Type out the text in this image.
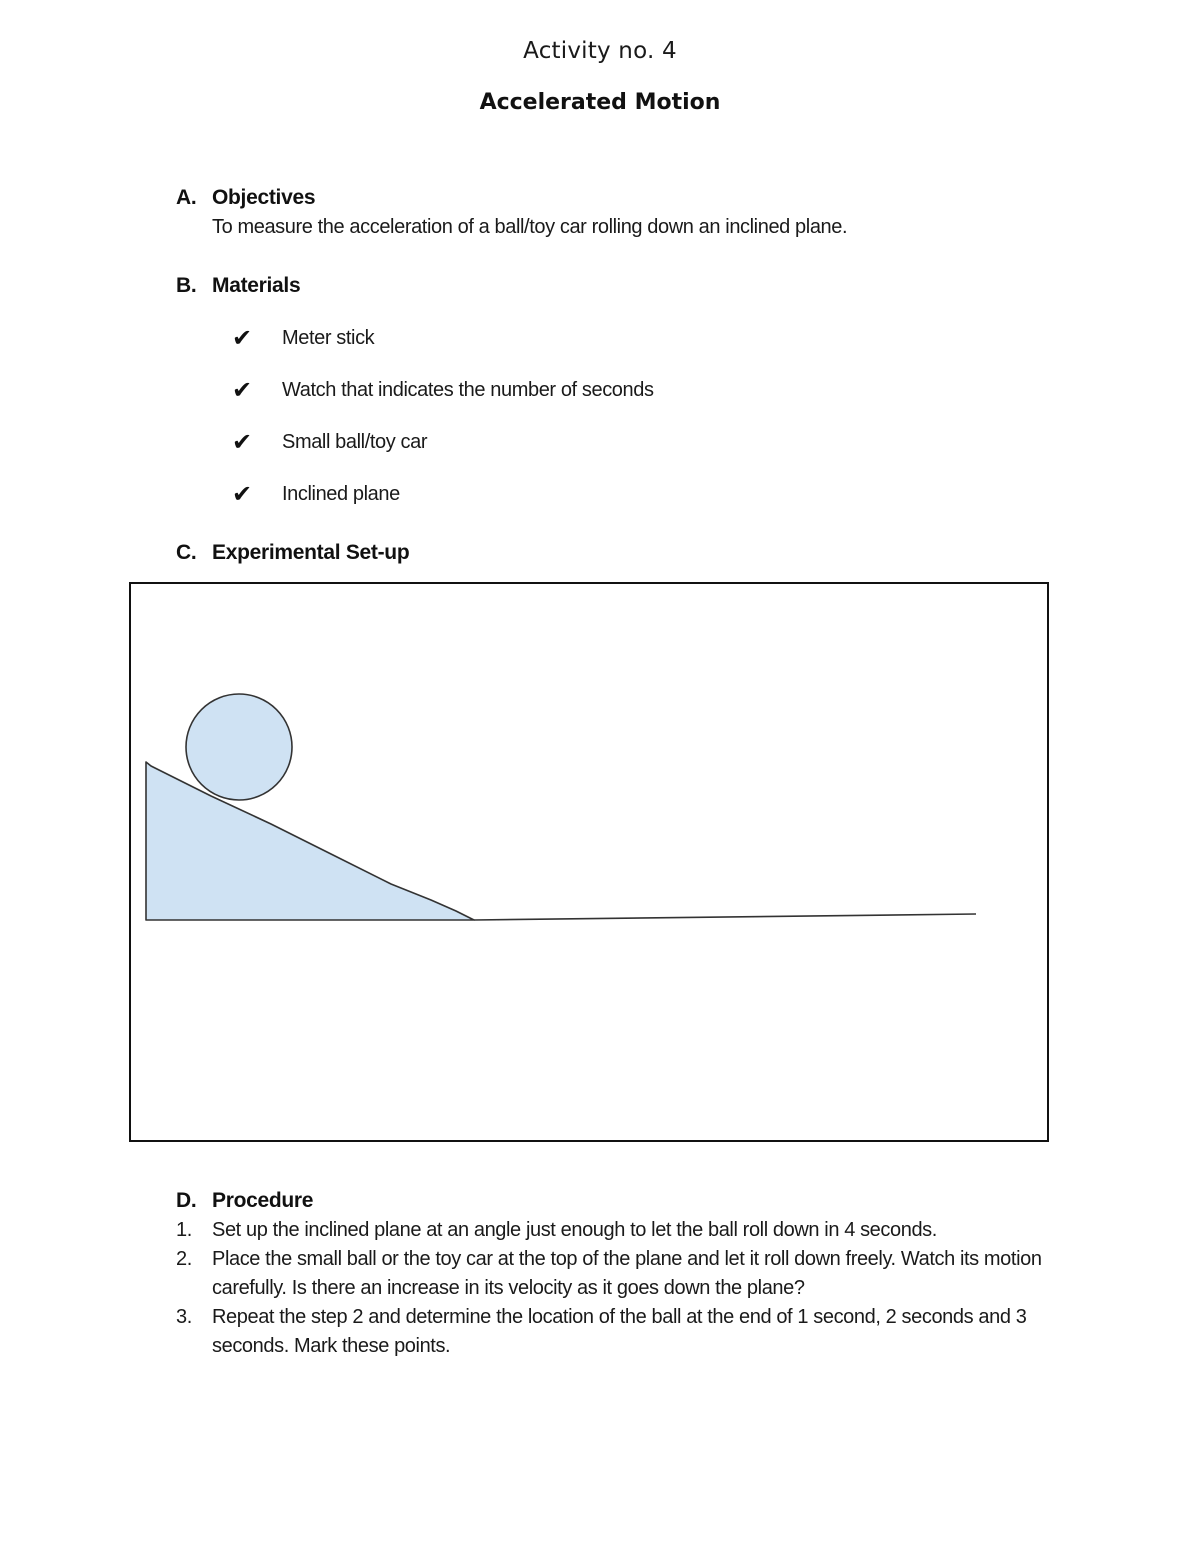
Activity no. 4
Accelerated Motion
A. Objectives
To measure the acceleration of a ball/toy car rolling down an inclined plane.
B. Materials
✔	Meter stick
✔	Watch that indicates the number of seconds
✔	Small ball/toy car
✔	Inclined plane
C. Experimental Set-up
D. Procedure
1. Set up the inclined plane at an angle just enough to let the ball roll down in 4 seconds.
2. Place the small ball or the toy car at the top of the plane and let it roll down freely. Watch its motion carefully. Is there an increase in its velocity as it goes down the plane?
3. Repeat the step 2 and determine the location of the ball at the end of 1 second, 2 seconds and 3 seconds. Mark these points.
